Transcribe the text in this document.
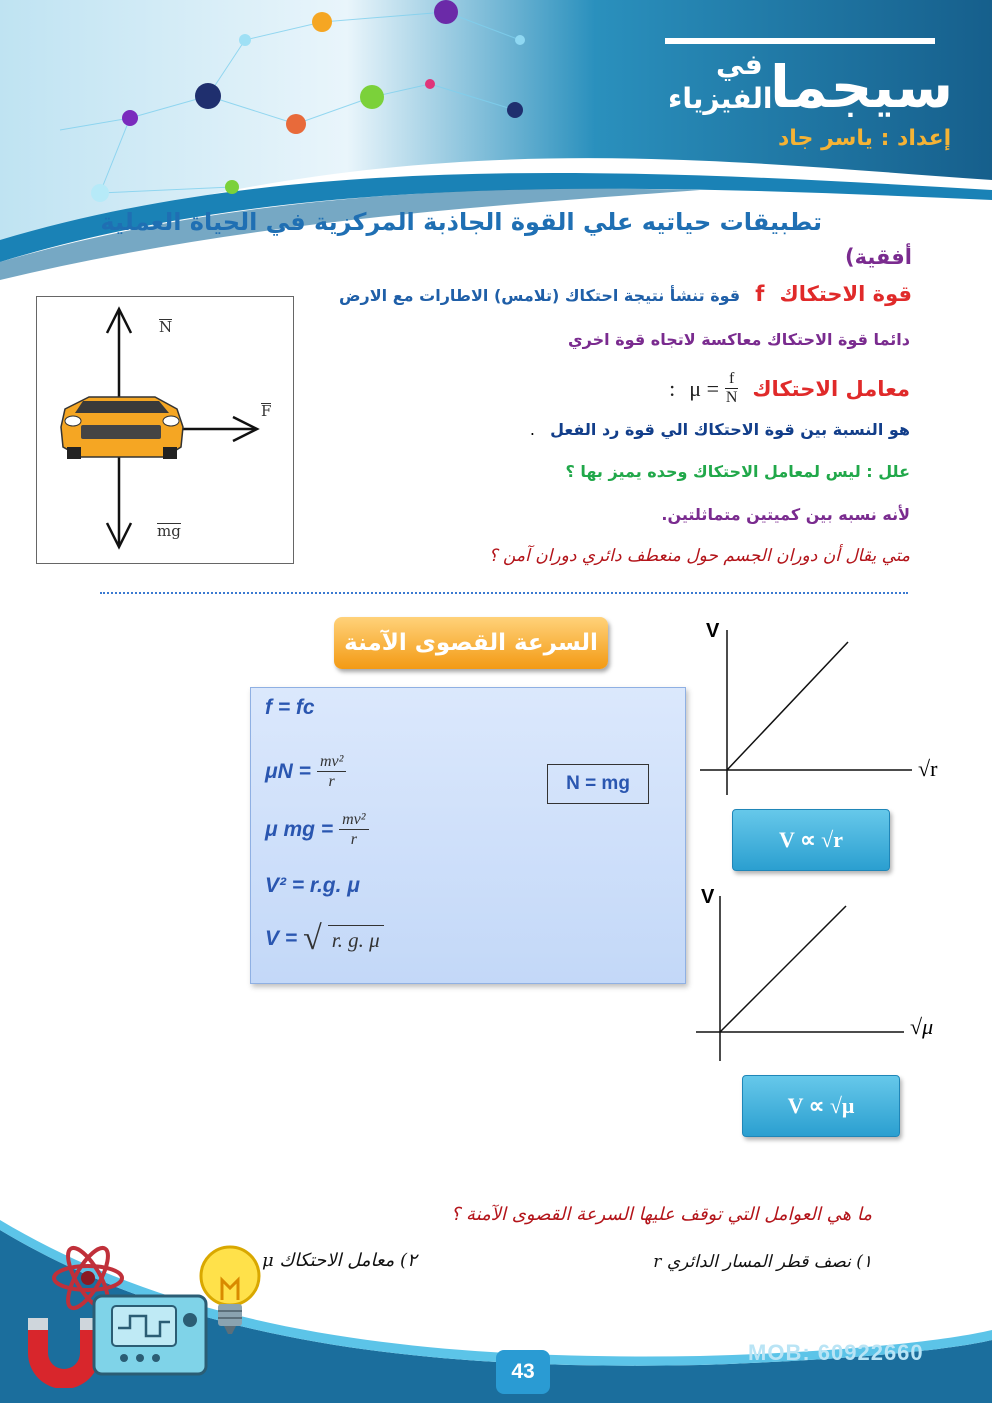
سيجما
في
الفيزياء
إعداد : ياسر جاد
تطبيقات حياتيه علي القوة الجاذبة المركزية في الحياة العملية
أفقية)
N
F
mg
قوة الاحتكاك f قوة تنشأ نتيجة احتكاك (تلامس) الاطارات مع الارض
دائما قوة الاحتكاك معاكسة لاتجاه قوة اخري
معامل الاحتكاك
: $\mu = \frac{f}{N}$
هو النسبة بين قوة الاحتكاك الي قوة رد الفعل .
علل : ليس لمعامل الاحتكاك وحده يميز بها ؟
لأنه نسبه بين كميتين متماثلتين.
متي يقال أن دوران الجسم حول منعطف دائري دوران آمن ؟
السرعة القصوى الآمنة
f = fc
$\mu N = \frac{\text{mv²}}{r}$
μ mg = $\frac{\text{mv²}}{r}$
V² = r.g. μ
V = √ r. g. μ
N = mg
V
√r
V ∝ √r
V
√μ
V ∝ √μ
ما هي العوامل التي توقف عليها السرعة القصوى الآمنة ؟
١) نصف قطر المسار الدائري r
٢) معامل الاحتكاك μ
MOB: 60922660
43
